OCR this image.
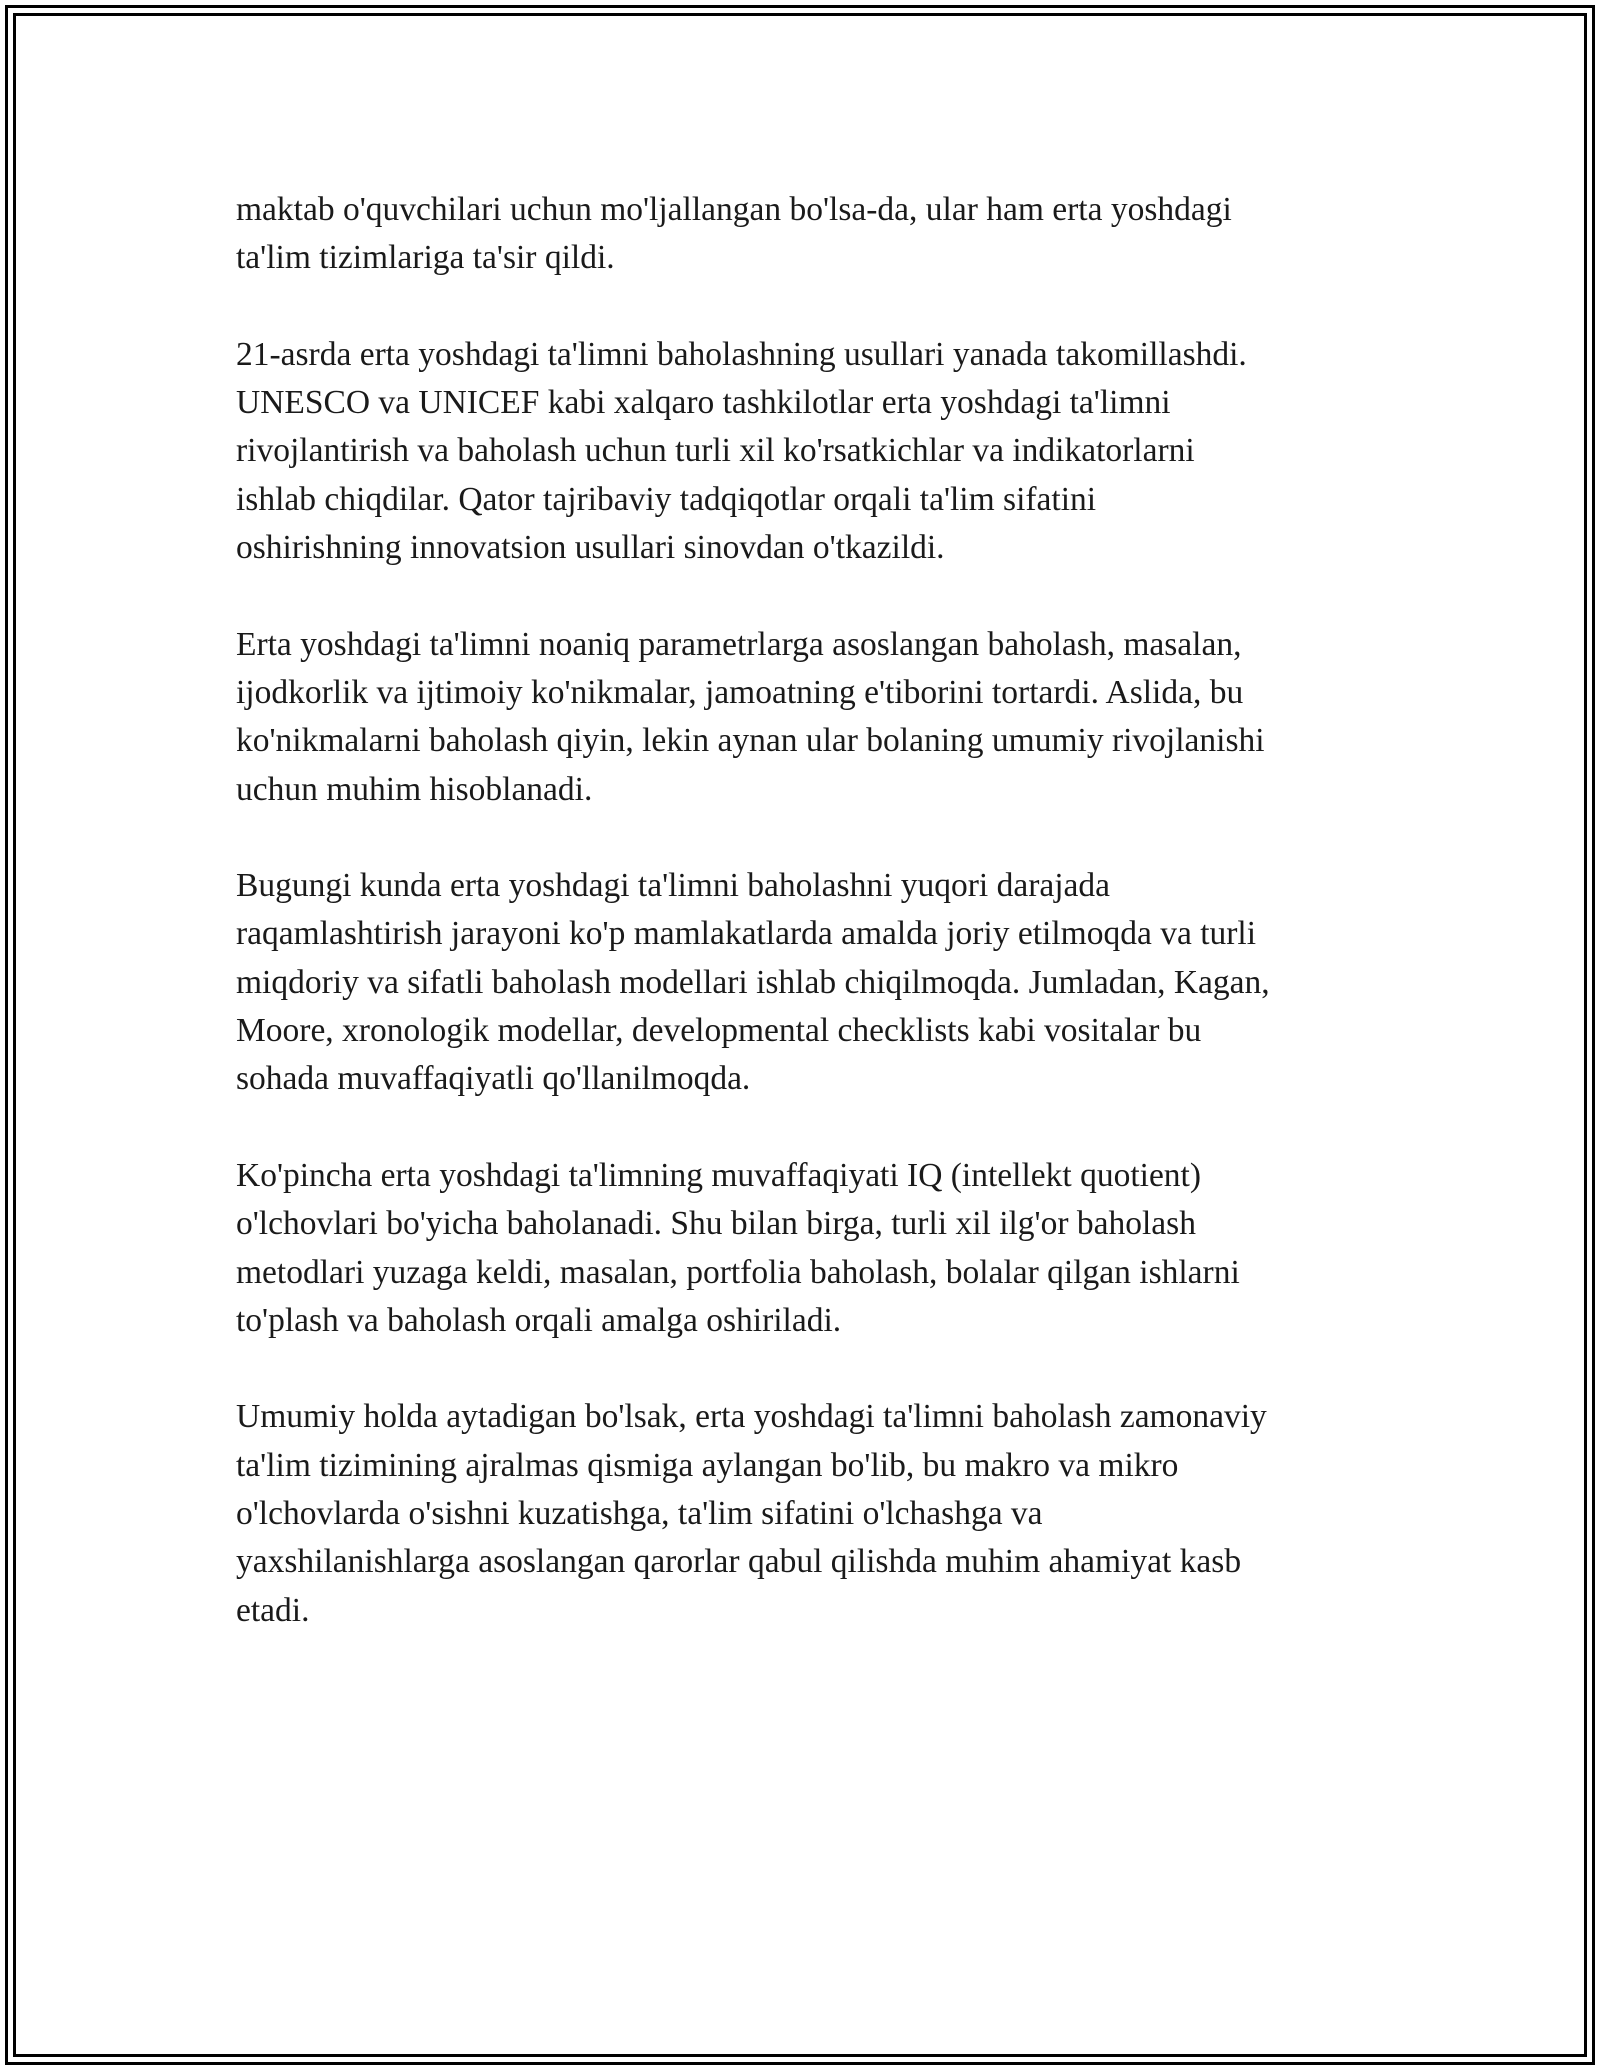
maktab o'quvchilari uchun mo'ljallangan bo'lsa-da, ular ham erta yoshdagi
ta'lim tizimlariga ta'sir qildi.

21-asrda erta yoshdagi ta'limni baholashning usullari yanada takomillashdi.
UNESCO va UNICEF kabi xalqaro tashkilotlar erta yoshdagi ta'limni
rivojlantirish va baholash uchun turli xil ko'rsatkichlar va indikatorlarni
ishlab chiqdilar. Qator tajribaviy tadqiqotlar orqali ta'lim sifatini
oshirishning innovatsion usullari sinovdan o'tkazildi.

Erta yoshdagi ta'limni noaniq parametrlarga asoslangan baholash, masalan,
ijodkorlik va ijtimoiy ko'nikmalar, jamoatning e'tiborini tortardi. Aslida, bu
ko'nikmalarni baholash qiyin, lekin aynan ular bolaning umumiy rivojlanishi
uchun muhim hisoblanadi.

Bugungi kunda erta yoshdagi ta'limni baholashni yuqori darajada
raqamlashtirish jarayoni ko'p mamlakatlarda amalda joriy etilmoqda va turli
miqdoriy va sifatli baholash modellari ishlab chiqilmoqda. Jumladan, Kagan,
Moore, xronologik modellar, developmental checklists kabi vositalar bu
sohada muvaffaqiyatli qo'llanilmoqda.

Ko'pincha erta yoshdagi ta'limning muvaffaqiyati IQ (intellekt quotient)
o'lchovlari bo'yicha baholanadi. Shu bilan birga, turli xil ilg'or baholash
metodlari yuzaga keldi, masalan, portfolia baholash, bolalar qilgan ishlarni
to'plash va baholash orqali amalga oshiriladi.

Umumiy holda aytadigan bo'lsak, erta yoshdagi ta'limni baholash zamonaviy
ta'lim tizimining ajralmas qismiga aylangan bo'lib, bu makro va mikro
o'lchovlarda o'sishni kuzatishga, ta'lim sifatini o'lchashga va
yaxshilanishlarga asoslangan qarorlar qabul qilishda muhim ahamiyat kasb
etadi.
